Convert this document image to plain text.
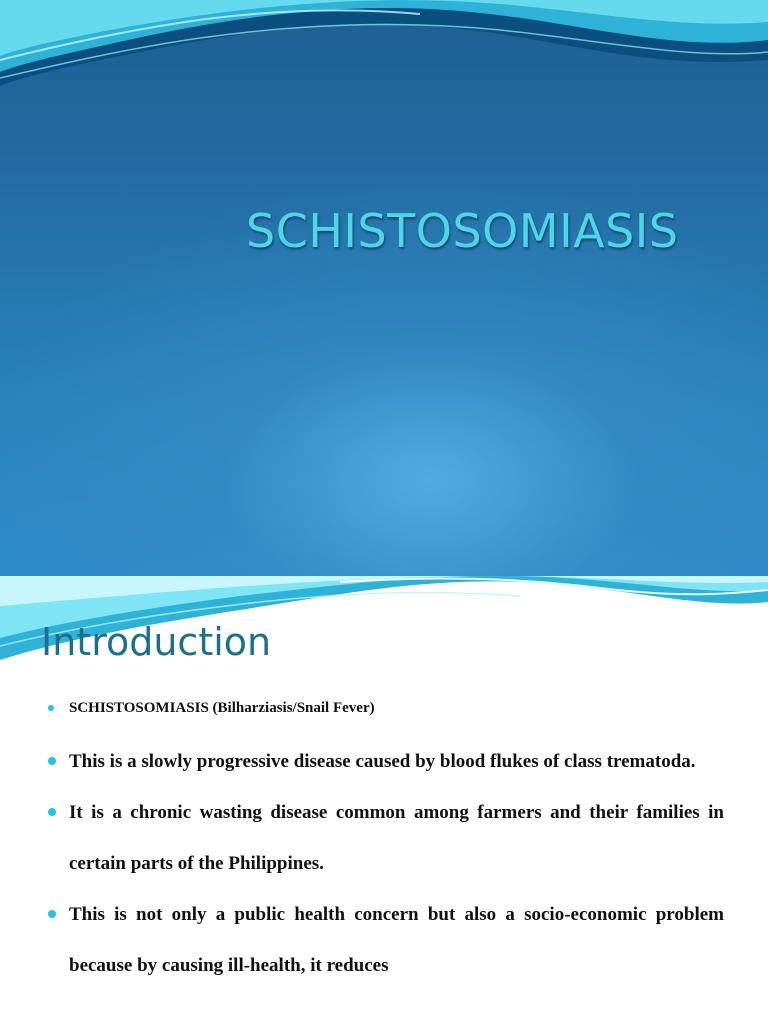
SCHISTOSOMIASIS
Introduction
SCHISTOSOMIASIS (Bilharziasis/Snail Fever)
This is a slowly progressive disease caused by blood flukes of class trematoda.
It is a chronic wasting disease common among farmers and their families in certain parts of the Philippines.
This is not only a public health concern but also a socio-economic problem because by causing ill-health, it reduces
